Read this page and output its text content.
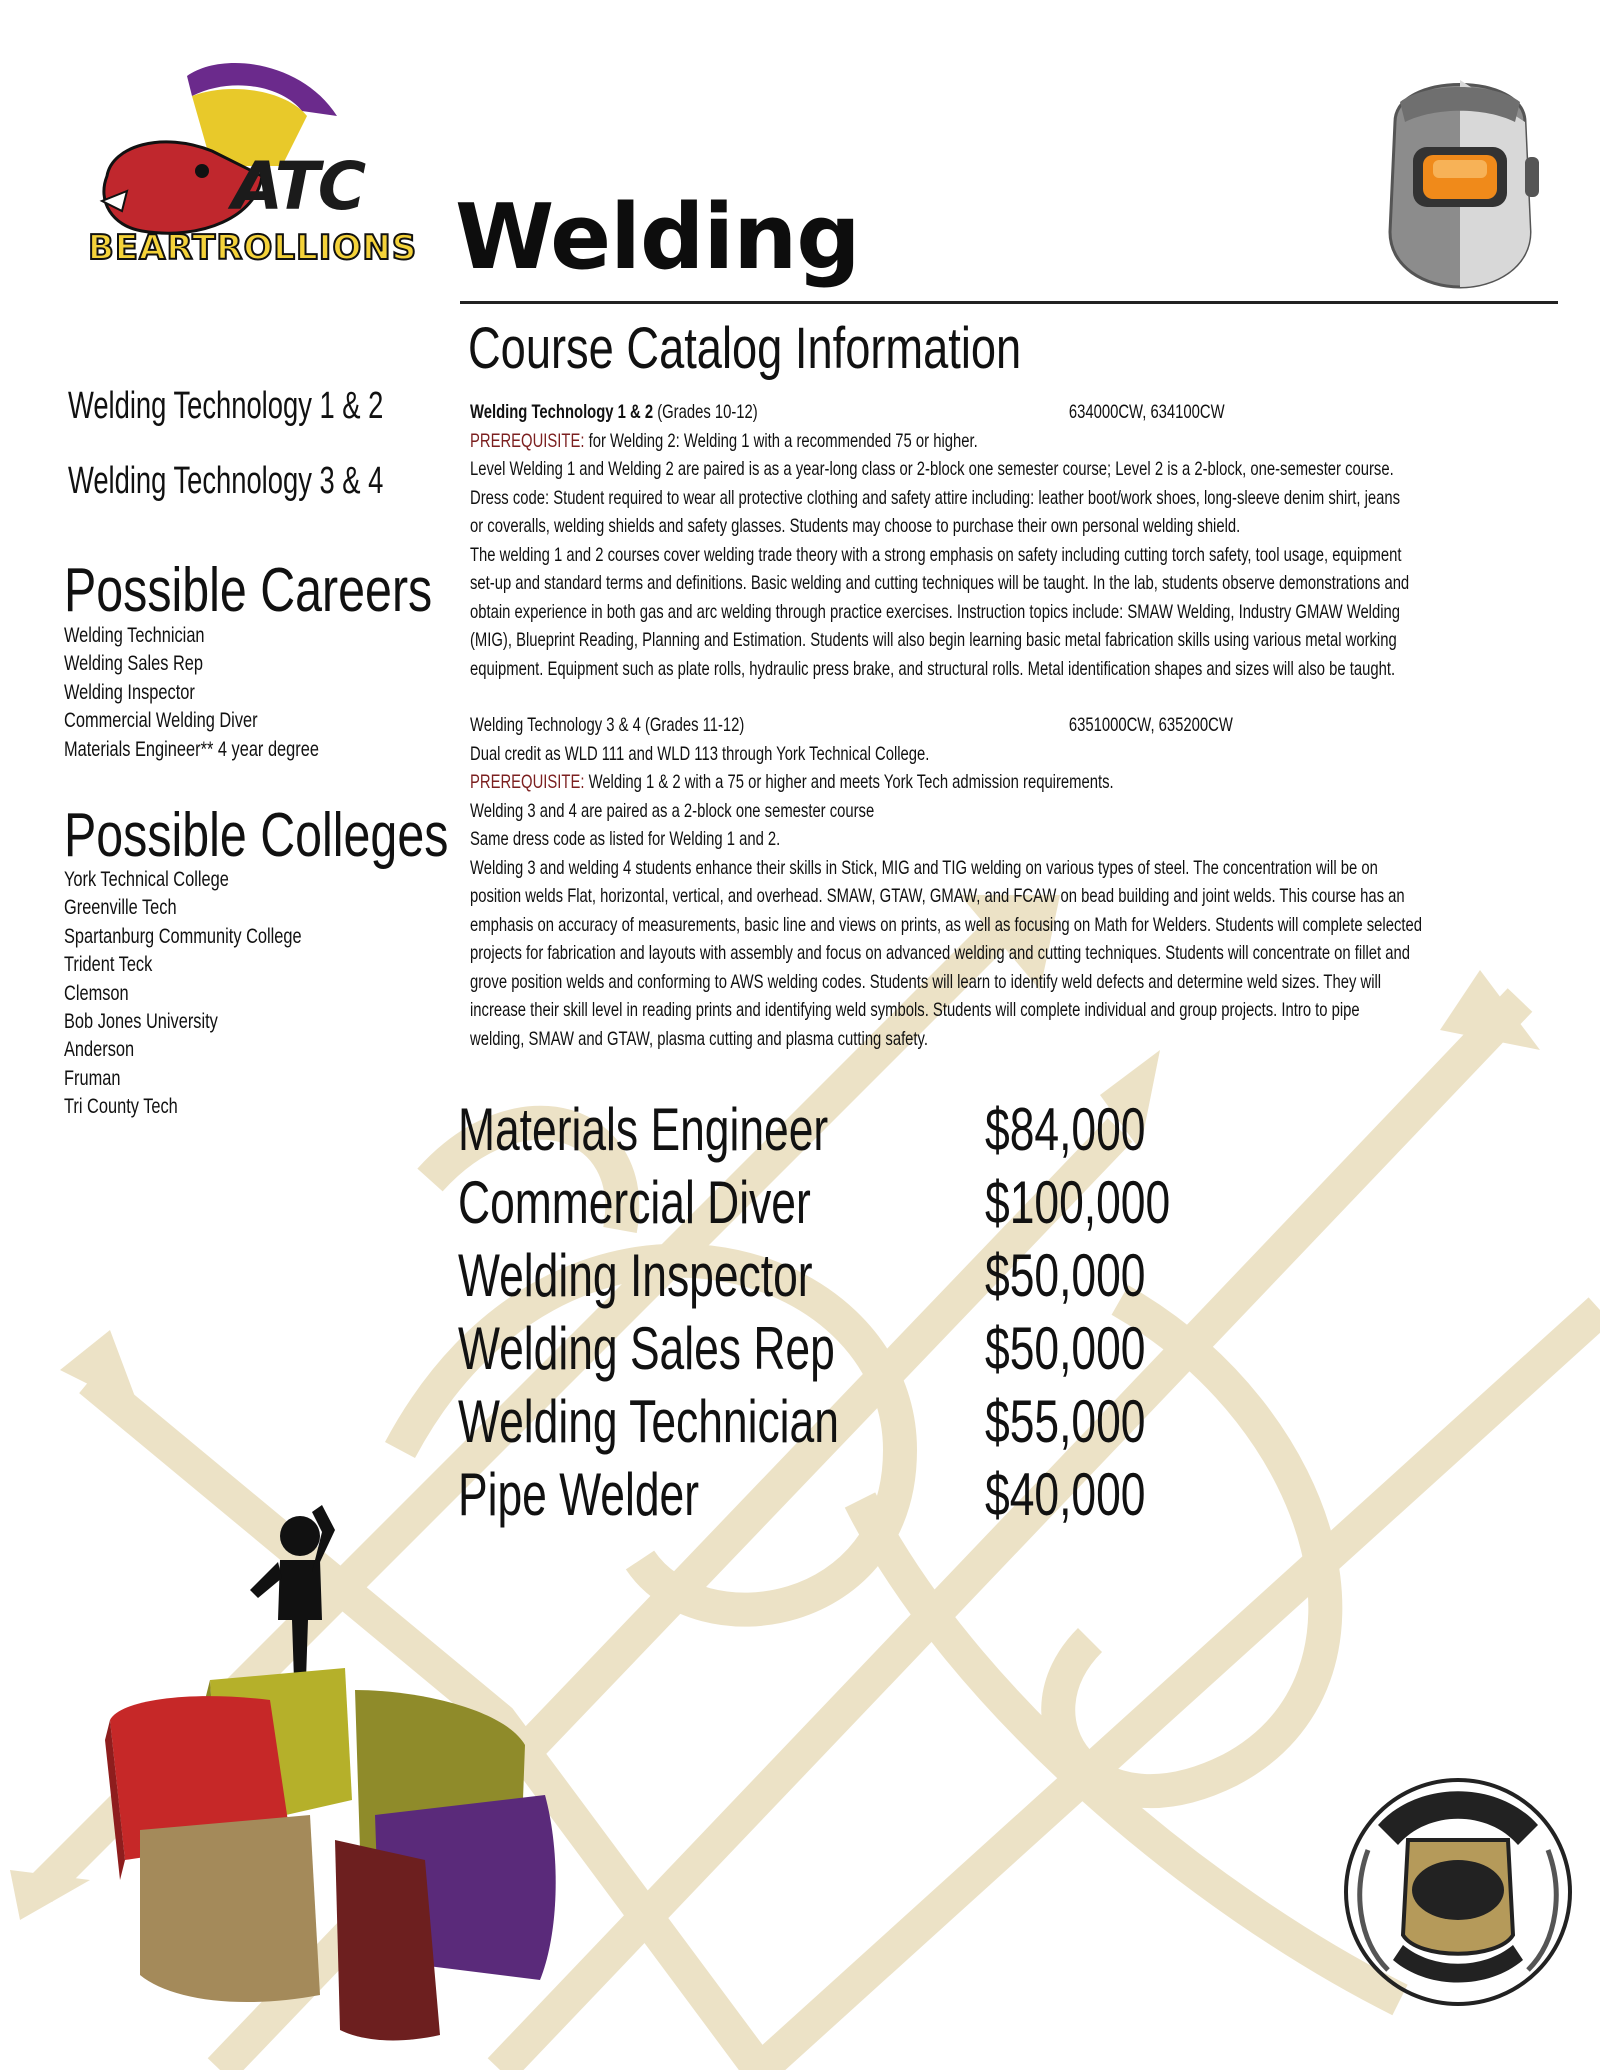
ATC
BEARTROLLIONS Welding
Course Catalog Information
Welding Technology 1 & 2
Welding Technology 3 & 4
Possible Careers
Welding Technician
Welding Sales Rep
Welding Inspector
Commercial Welding Diver
Materials Engineer** 4 year degree
Possible Colleges
York Technical College
Greenville Tech
Spartanburg Community College
Trident Teck
Clemson
Bob Jones University
Anderson
Fruman
Tri County Tech
Welding Technology 1 & 2 (Grades 10-12)	634000CW, 634100CW

PREREQUISITE: for Welding 2: Welding 1 with a recommended 75 or higher.

Level Welding 1 and Welding 2 are paired is as a year-long class or 2-block one semester course; Level 2 is a 2-block, one-semester course.

Dress code: Student required to wear all protective clothing and safety attire including: leather boot/work shoes, long-sleeve denim shirt, jeans

or coveralls, welding shields and safety glasses. Students may choose to purchase their own personal welding shield.

The welding 1 and 2 courses cover welding trade theory with a strong emphasis on safety including cutting torch safety, tool usage, equipment

set-up and standard terms and definitions. Basic welding and cutting techniques will be taught. In the lab, students observe demonstrations and

obtain experience in both gas and arc welding through practice exercises. Instruction topics include: SMAW Welding, Industry GMAW Welding

(MIG), Blueprint Reading, Planning and Estimation. Students will also begin learning basic metal fabrication skills using various metal working

equipment. Equipment such as plate rolls, hydraulic press brake, and structural rolls. Metal identification shapes and sizes will also be taught.

Welding Technology 3 & 4 (Grades 11-12)	6351000CW, 635200CW

Dual credit as WLD 111 and WLD 113 through York Technical College.

PREREQUISITE: Welding 1 & 2 with a 75 or higher and meets York Tech admission requirements.

Welding 3 and 4 are paired as a 2-block one semester course

Same dress code as listed for Welding 1 and 2.

Welding 3 and welding 4 students enhance their skills in Stick, MIG and TIG welding on various types of steel. The concentration will be on

position welds Flat, horizontal, vertical, and overhead. SMAW, GTAW, GMAW, and FCAW on bead building and joint welds. This course has an

emphasis on accuracy of measurements, basic line and views on prints, as well as focusing on Math for Welders. Students will complete selected

projects for fabrication and layouts with assembly and focus on advanced welding and cutting techniques. Students will concentrate on fillet and

grove position welds and conforming to AWS welding codes. Students will learn to identify weld defects and determine weld sizes. They will

increase their skill level in reading prints and identifying weld symbols. Students will complete individual and group projects. Intro to pipe

welding, SMAW and GTAW, plasma cutting and plasma cutting safety.

Materials Engineer	$84,000
Commercial Diver	$100,000
Welding Inspector	$50,000
Welding Sales Rep	$50,000
Welding Technician $55,000
Pipe Welder	$40,000
